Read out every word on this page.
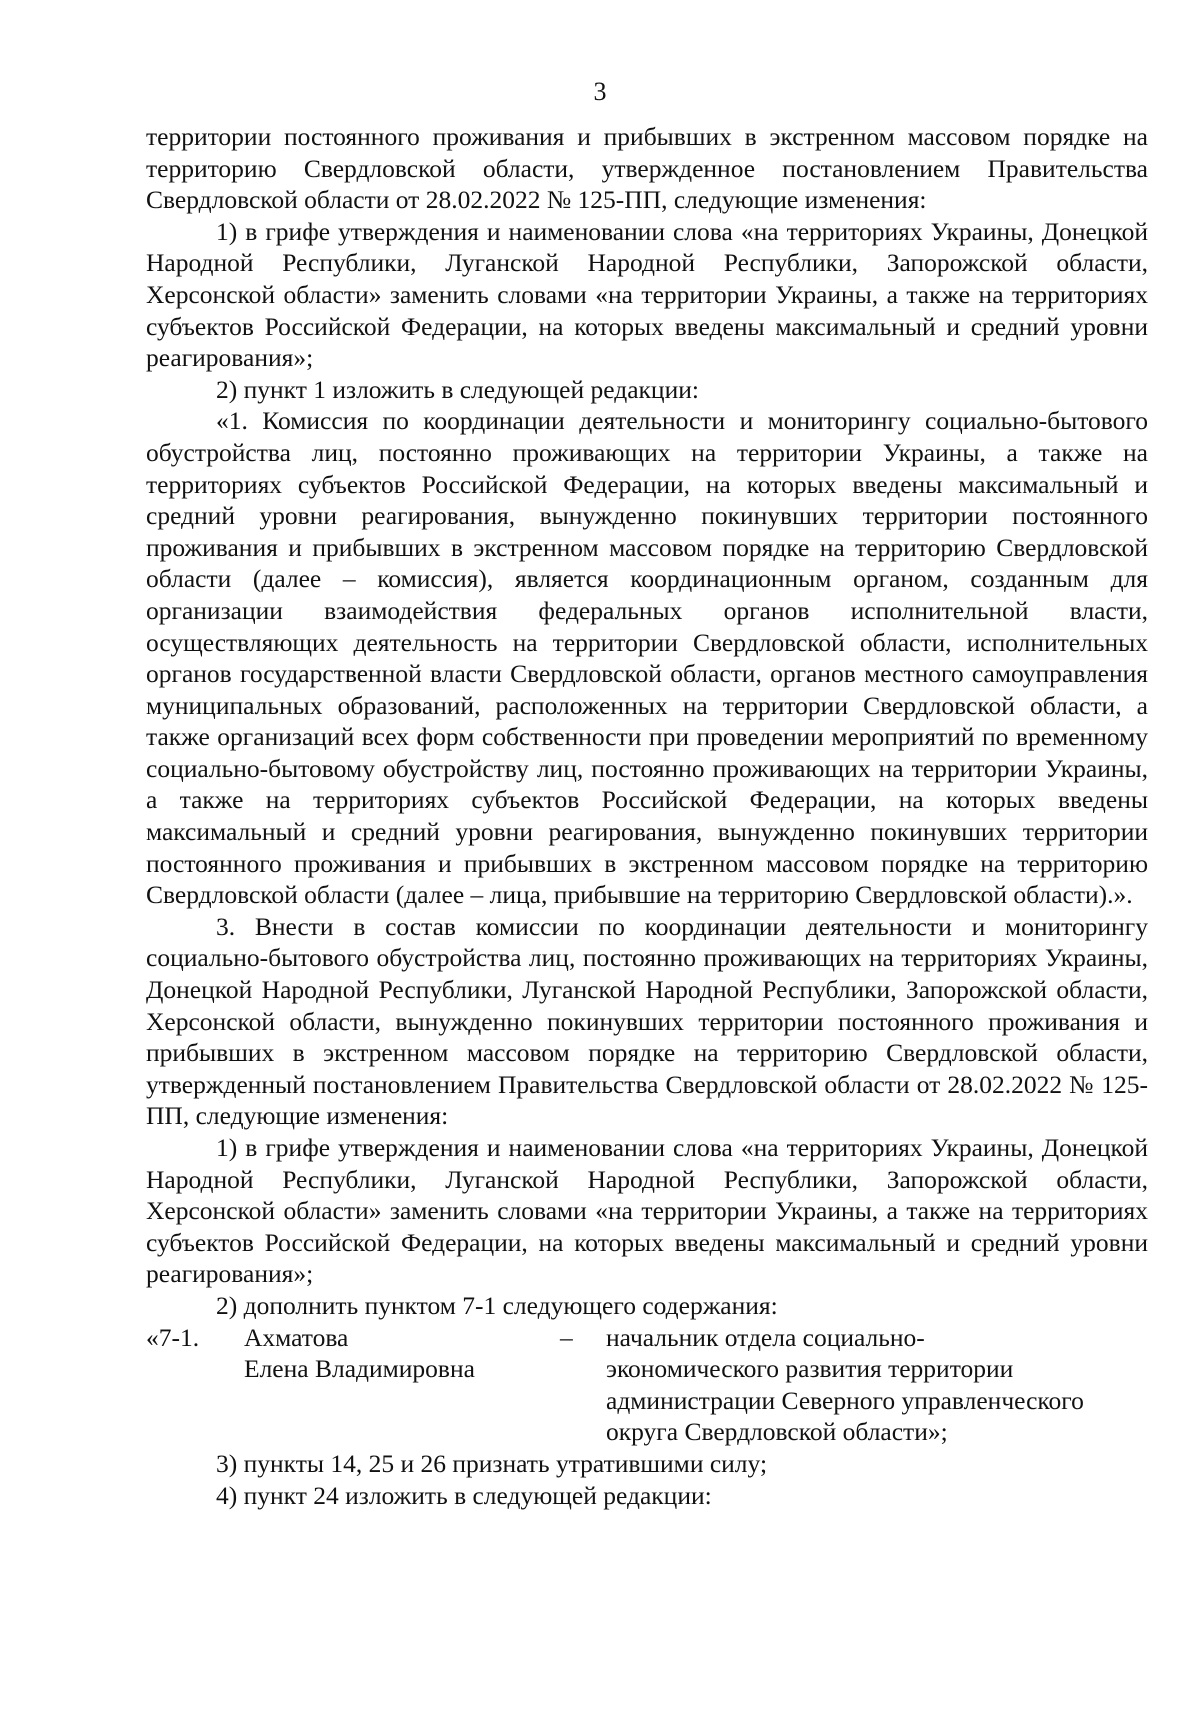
3

территории постоянного проживания и прибывших в экстренном массовом порядке на территорию Свердловской области, утвержденное постановлением Правительства Свердловской области от 28.02.2022 № 125-ПП, следующие изменения:

1) в грифе утверждения и наименовании слова «на территориях Украины, Донецкой Народной Республики, Луганской Народной Республики, Запорожской области, Херсонской области» заменить словами «на территории Украины, а также на территориях субъектов Российской Федерации, на которых введены максимальный и средний уровни реагирования»;

2) пункт 1 изложить в следующей редакции:

«1. Комиссия по координации деятельности и мониторингу социально-бытового обустройства лиц, постоянно проживающих на территории Украины, а также на территориях субъектов Российской Федерации, на которых введены максимальный и средний уровни реагирования, вынужденно покинувших территории постоянного проживания и прибывших в экстренном массовом порядке на территорию Свердловской области (далее – комиссия), является координационным органом, созданным для организации взаимодействия федеральных органов исполнительной власти, осуществляющих деятельность на территории Свердловской области, исполнительных органов государственной власти Свердловской области, органов местного самоуправления муниципальных образований, расположенных на территории Свердловской области, а также организаций всех форм собственности при проведении мероприятий по временному социально-бытовому обустройству лиц, постоянно проживающих на территории Украины, а также на территориях субъектов Российской Федерации, на которых введены максимальный и средний уровни реагирования, вынужденно покинувших территории постоянного проживания и прибывших в экстренном массовом порядке на территорию Свердловской области (далее – лица, прибывшие на территорию Свердловской области).».

3. Внести в состав комиссии по координации деятельности и мониторингу социально-бытового обустройства лиц, постоянно проживающих на территориях Украины, Донецкой Народной Республики, Луганской Народной Республики, Запорожской области, Херсонской области, вынужденно покинувших территории постоянного проживания и прибывших в экстренном массовом порядке на территорию Свердловской области, утвержденный постановлением Правительства Свердловской области от 28.02.2022 № 125-ПП, следующие изменения:

1) в грифе утверждения и наименовании слова «на территориях Украины, Донецкой Народной Республики, Луганской Народной Республики, Запорожской области, Херсонской области» заменить словами «на территории Украины, а также на территориях субъектов Российской Федерации, на которых введены максимальный и средний уровни реагирования»;

2) дополнить пунктом 7-1 следующего содержания:

«7-1.	Ахматова
Елена Владимировна
–	начальник отдела социально-
экономического развития территории
администрации Северного управленческого
округа Свердловской области»;

3) пункты 14, 25 и 26 признать утратившими силу;

4) пункт 24 изложить в следующей редакции:
